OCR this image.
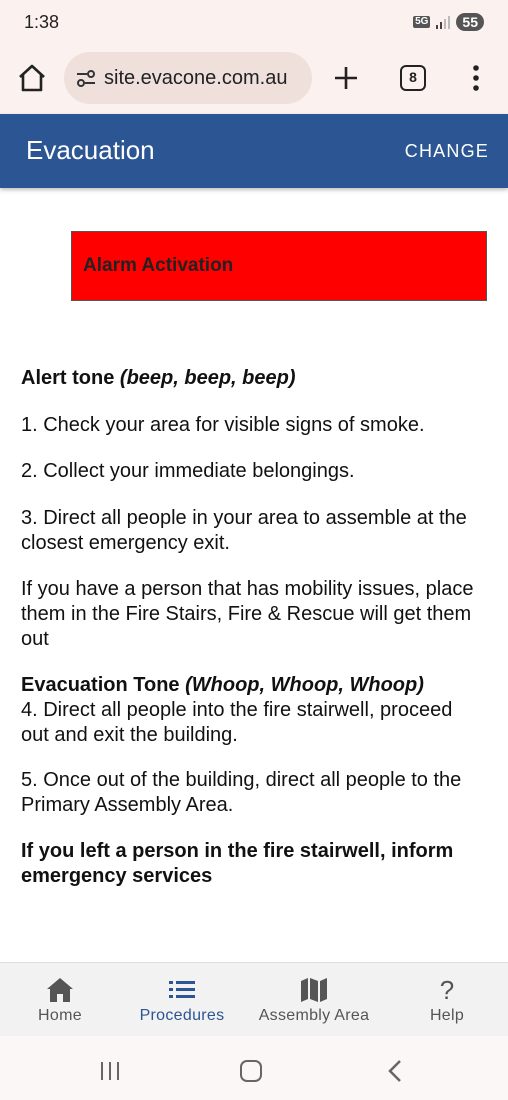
1:38	5G	55
site.evacone.com.au	8
Evacuation	CHANGE
Alarm Activation

Alert tone (beep, beep, beep)

1. Check your area for visible signs of smoke.

2. Collect your immediate belongings.

3. Direct all people in your area to assemble at the closest emergency exit.

If you have a person that has mobility issues, place them in the Fire Stairs, Fire & Rescue will get them out

Evacuation Tone (Whoop, Whoop, Whoop)

4. Direct all people into the fire stairwell, proceed out and exit the building.

5. Once out of the building, direct all people to the Primary Assembly Area.

If you left a person in the fire stairwell, inform emergency services

Home	Procedures Assembly Area
?
Help
